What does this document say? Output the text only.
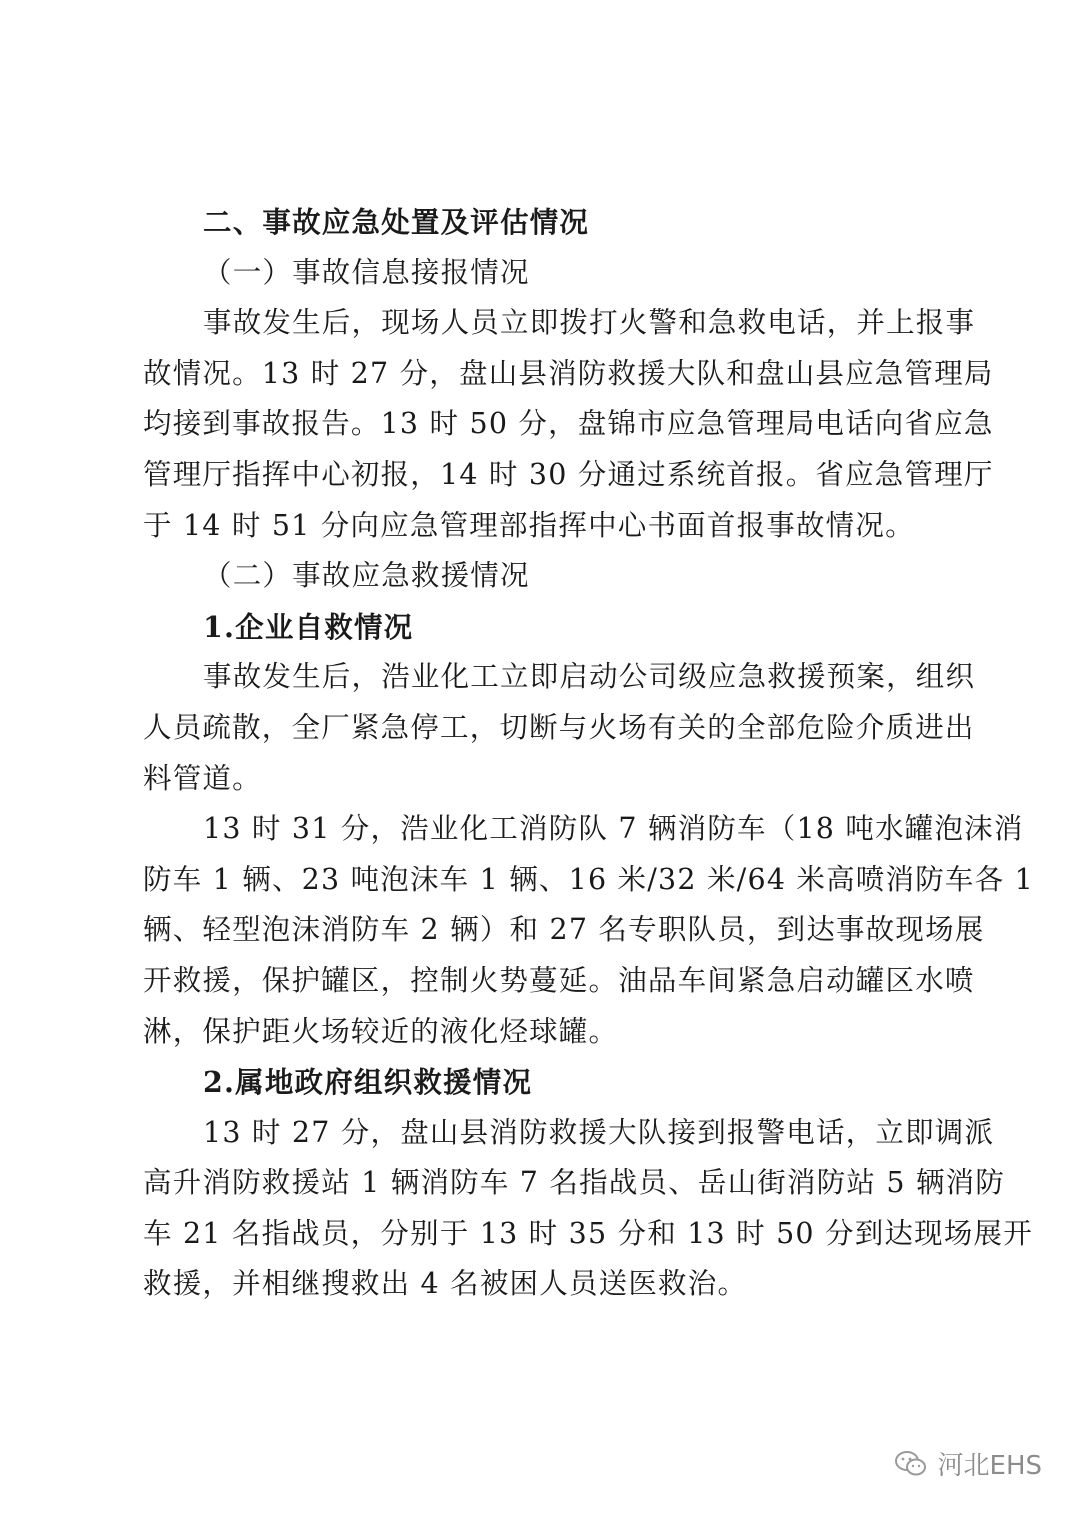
二、事故应急处置及评估情况
（一）事故信息接报情况
事故发生后，现场人员立即拨打火警和急救电话，并上报事
故情况。13 时 27 分，盘山县消防救援大队和盘山县应急管理局
均接到事故报告。13 时 50 分，盘锦市应急管理局电话向省应急
管理厅指挥中心初报，14 时 30 分通过系统首报。省应急管理厅
于 14 时 51 分向应急管理部指挥中心书面首报事故情况。
（二）事故应急救援情况
1.企业自救情况
事故发生后，浩业化工立即启动公司级应急救援预案，组织
人员疏散，全厂紧急停工，切断与火场有关的全部危险介质进出
料管道。
13 时 31 分，浩业化工消防队 7 辆消防车（18 吨水罐泡沫消
防车 1 辆、23 吨泡沫车 1 辆、16 米/32 米/64 米高喷消防车各 1
辆、轻型泡沫消防车 2 辆）和 27 名专职队员，到达事故现场展
开救援，保护罐区，控制火势蔓延。油品车间紧急启动罐区水喷
淋，保护距火场较近的液化烃球罐。
2.属地政府组织救援情况
13 时 27 分，盘山县消防救援大队接到报警电话，立即调派
高升消防救援站 1 辆消防车 7 名指战员、岳山街消防站 5 辆消防
车 21 名指战员，分别于 13 时 35 分和 13 时 50 分到达现场展开
救援，并相继搜救出 4 名被困人员送医救治。
河北EHS
